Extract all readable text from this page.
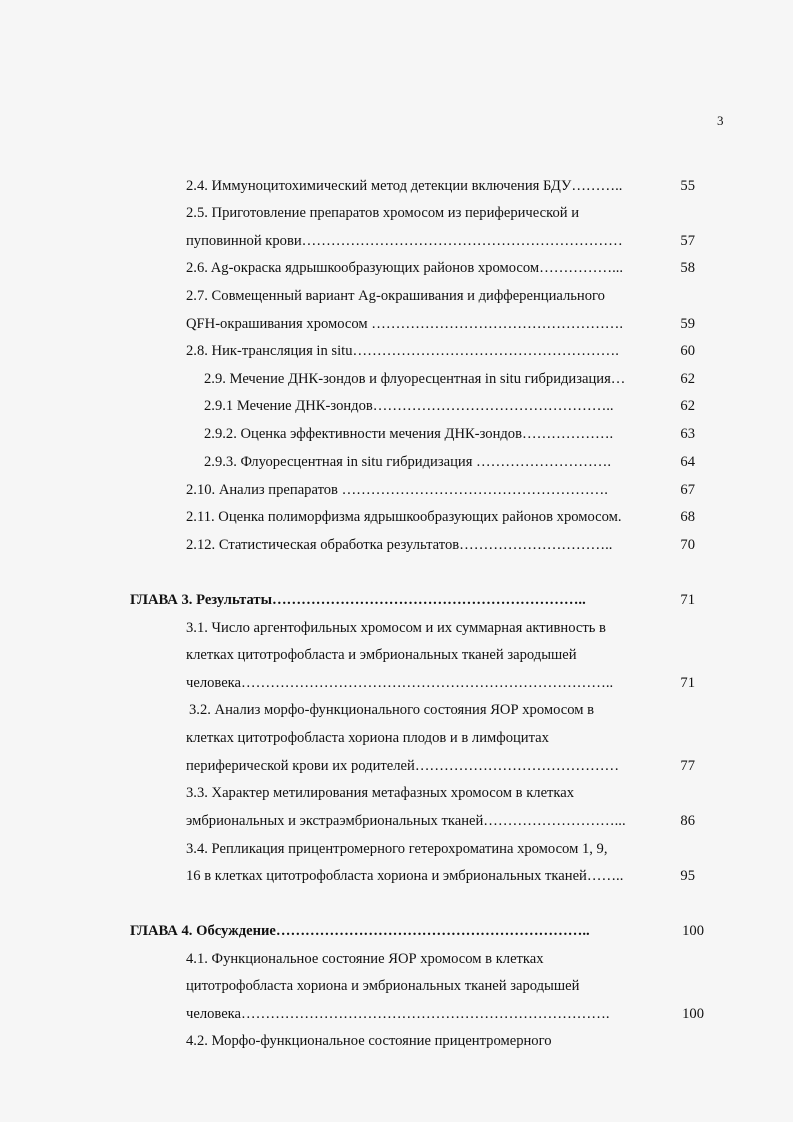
3
2.4. Иммуноцитохимический метод детекции включения БДУ………..	55
2.5. Приготовление препаратов хромосом из периферической и
пуповинной крови…………………………………………………………	57
2.6. Ag-окраска ядрышкообразующих районов хромосом……………...	58
2.7. Совмещенный вариант Ag-окрашивания и дифференциального
QFH-окрашивания хромосом …………………………………………….	59
2.8. Ник-трансляция in situ……………………………………………….	60
2.9. Мечение ДНК-зондов и флуоресцентная in situ гибридизация…	62
2.9.1 Мечение ДНК-зондов…………………………………………..	62
2.9.2. Оценка эффективности мечения ДНК-зондов……………….	63
2.9.3. Флуоресцентная in situ гибридизация ……………………….	64
2.10. Анализ препаратов ……………………………………………….	67
2.11. Оценка полиморфизма ядрышкообразующих районов хромосом.	68
2.12. Статистическая обработка результатов…………………………..	70
ГЛАВА 3. Результаты………………………………………………………..	71
3.1. Число аргентофильных хромосом и их суммарная активность в
клетках цитотрофобласта и эмбриональных тканей зародышей
человека…………………………………………………………………..	71
3.2. Анализ морфо-функционального состояния ЯОР хромосом в
клетках цитотрофобласта хориона плодов и в лимфоцитах
периферической крови их родителей……………………………………	77
3.3. Характер метилирования метафазных хромосом в клетках
эмбриональных и экстраэмбриональных тканей………………………...	86
3.4. Репликация прицентромерного гетерохроматина хромосом 1, 9,
16 в клетках цитотрофобласта хориона и эмбриональных тканей……..	95
ГЛАВА 4. Обсуждение………………………………………………………..	100
4.1. Функциональное состояние ЯОР хромосом в клетках
цитотрофобласта хориона и эмбриональных тканей зародышей
человека………………………………………………………………….	100
4.2. Морфо-функциональное состояние прицентромерного
